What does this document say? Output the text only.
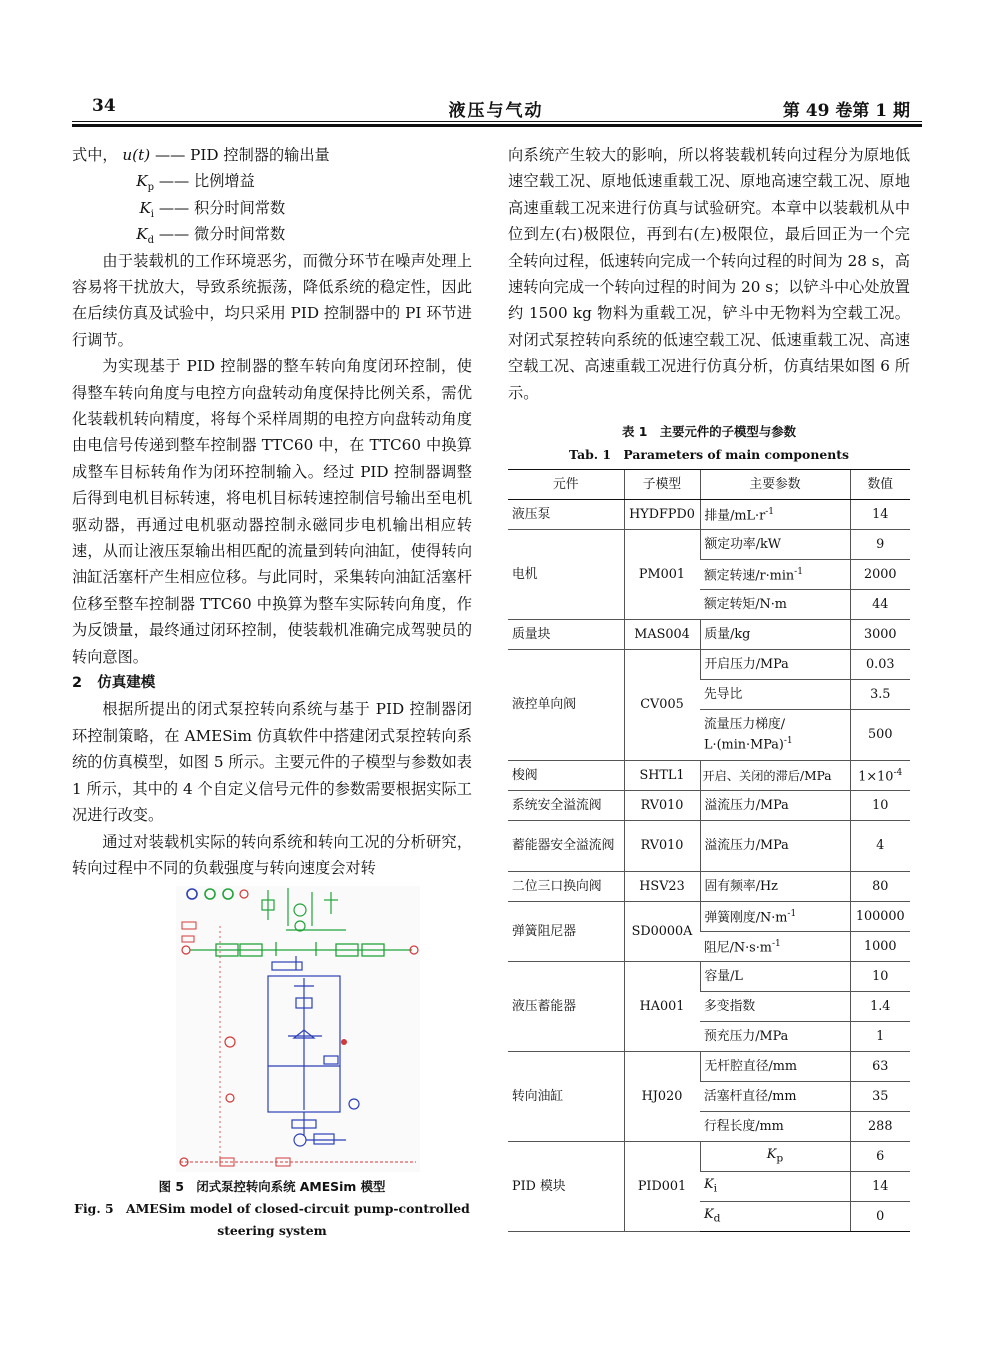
34	液压与气动	第 49 卷第 1 期
式中， u(t) —— PID 控制器的输出量
$K_p$ —— 比例增益
$K_i$ —— 积分时间常数
$K_d$ —— 微分时间常数

由于装载机的工作环境恶劣，而微分环节在噪声处理上容易将干扰放大，导致系统振荡，降低系统的稳定性，因此在后续仿真及试验中，均只采用 PID 控制器中的 PI 环节进行调节。

为实现基于 PID 控制器的整车转向角度闭环控制，使得整车转向角度与电控方向盘转动角度保持比例关系，需优化装载机转向精度，将每个采样周期的电控方向盘转动角度由电信号传递到整车控制器 TTC60 中，在 TTC60 中换算成整车目标转角作为闭环控制输入。经过 PID 控制器调整后得到电机目标转速，将电机目标转速控制信号输出至电机驱动器，再通过电机驱动器控制永磁同步电机输出相应转速，从而让液压泵输出相匹配的流量到转向油缸，使得转向油缸活塞杆产生相应位移。与此同时，采集转向油缸活塞杆位移至整车控制器 TTC60 中换算为整车实际转向角度，作为反馈量，最终通过闭环控制，使装载机准确完成驾驶员的转向意图。

2 仿真建模

根据所提出的闭式泵控转向系统与基于 PID 控制器闭环控制策略，在 AMESim 仿真软件中搭建闭式泵控转向系统的仿真模型，如图 5 所示。主要元件的子模型与参数如表 1 所示，其中的 4 个自定义信号元件的参数需要根据实际工况进行改变。

通过对装载机实际的转向系统和转向工况的分析研究，转向过程中不同的负载强度与转向速度会对转

图 5　闭式泵控转向系统 AMESim 模型
Fig. 5　AMESim model of closed-circuit pump-controlled
steering system

向系统产生较大的影响，所以将装载机转向过程分为原地低速空载工况、原地低速重载工况、原地高速空载工况、原地高速重载工况来进行仿真与试验研究。本章中以装载机从中位到左(右)极限位，再到右(左)极限位，最后回正为一个完全转向过程，低速转向完成一个转向过程的时间为 28 s，高速转向完成一个转向过程的时间为 20 s；以铲斗中心处放置约 1500 kg 物料为重载工况，铲斗中无物料为空载工况。对闭式泵控转向系统的低速空载工况、低速重载工况、高速空载工况、高速重载工况进行仿真分析，仿真结果如图 6 所示。

表 1　主要元件的子模型与参数
Tab. 1　Parameters of main components
元件	子模型	主要参数	数值
液压泵	HYDFPD0	排量$/mL\cdot r^{-1}$	14
电机	PM001	额定功率/kW	9
		额定转速$/r\cdot\min^{-1}$	2000
		额定转矩/N·m	44
质量块	MAS004	质量/kg	3000
液控单向阀	CV005	开启压力/MPa	0.03
		先导比	3.5
		流量压力梯度/
$L\cdot(\min\cdot MPa)^{-1}$	500
梭阀	SHTL1	开启、关闭的滞后/MPa	$1\times 10^{-4}$
系统安全溢流阀	RV010	溢流压力/MPa	10
蓄能器安全溢流阀	RV010	溢流压力/MPa	4
二位三口换向阀	HSV23	固有频率/Hz	80
弹簧阻尼器	SD0000A	弹簧刚度$/N\cdot m^{-1}$	100000
		阻尼$/N\cdot s\cdot m^{-1}$	1000
液压蓄能器	HA001	容量/L	10
		多变指数	1.4
		预充压力/MPa	1
转向油缸	HJ020	无杆腔直径/mm	63
		活塞杆直径/mm	35
		行程长度/mm	288
PID 模块	PID001	$K_p$	6
		$K_i$	14
		$K_d$	0
